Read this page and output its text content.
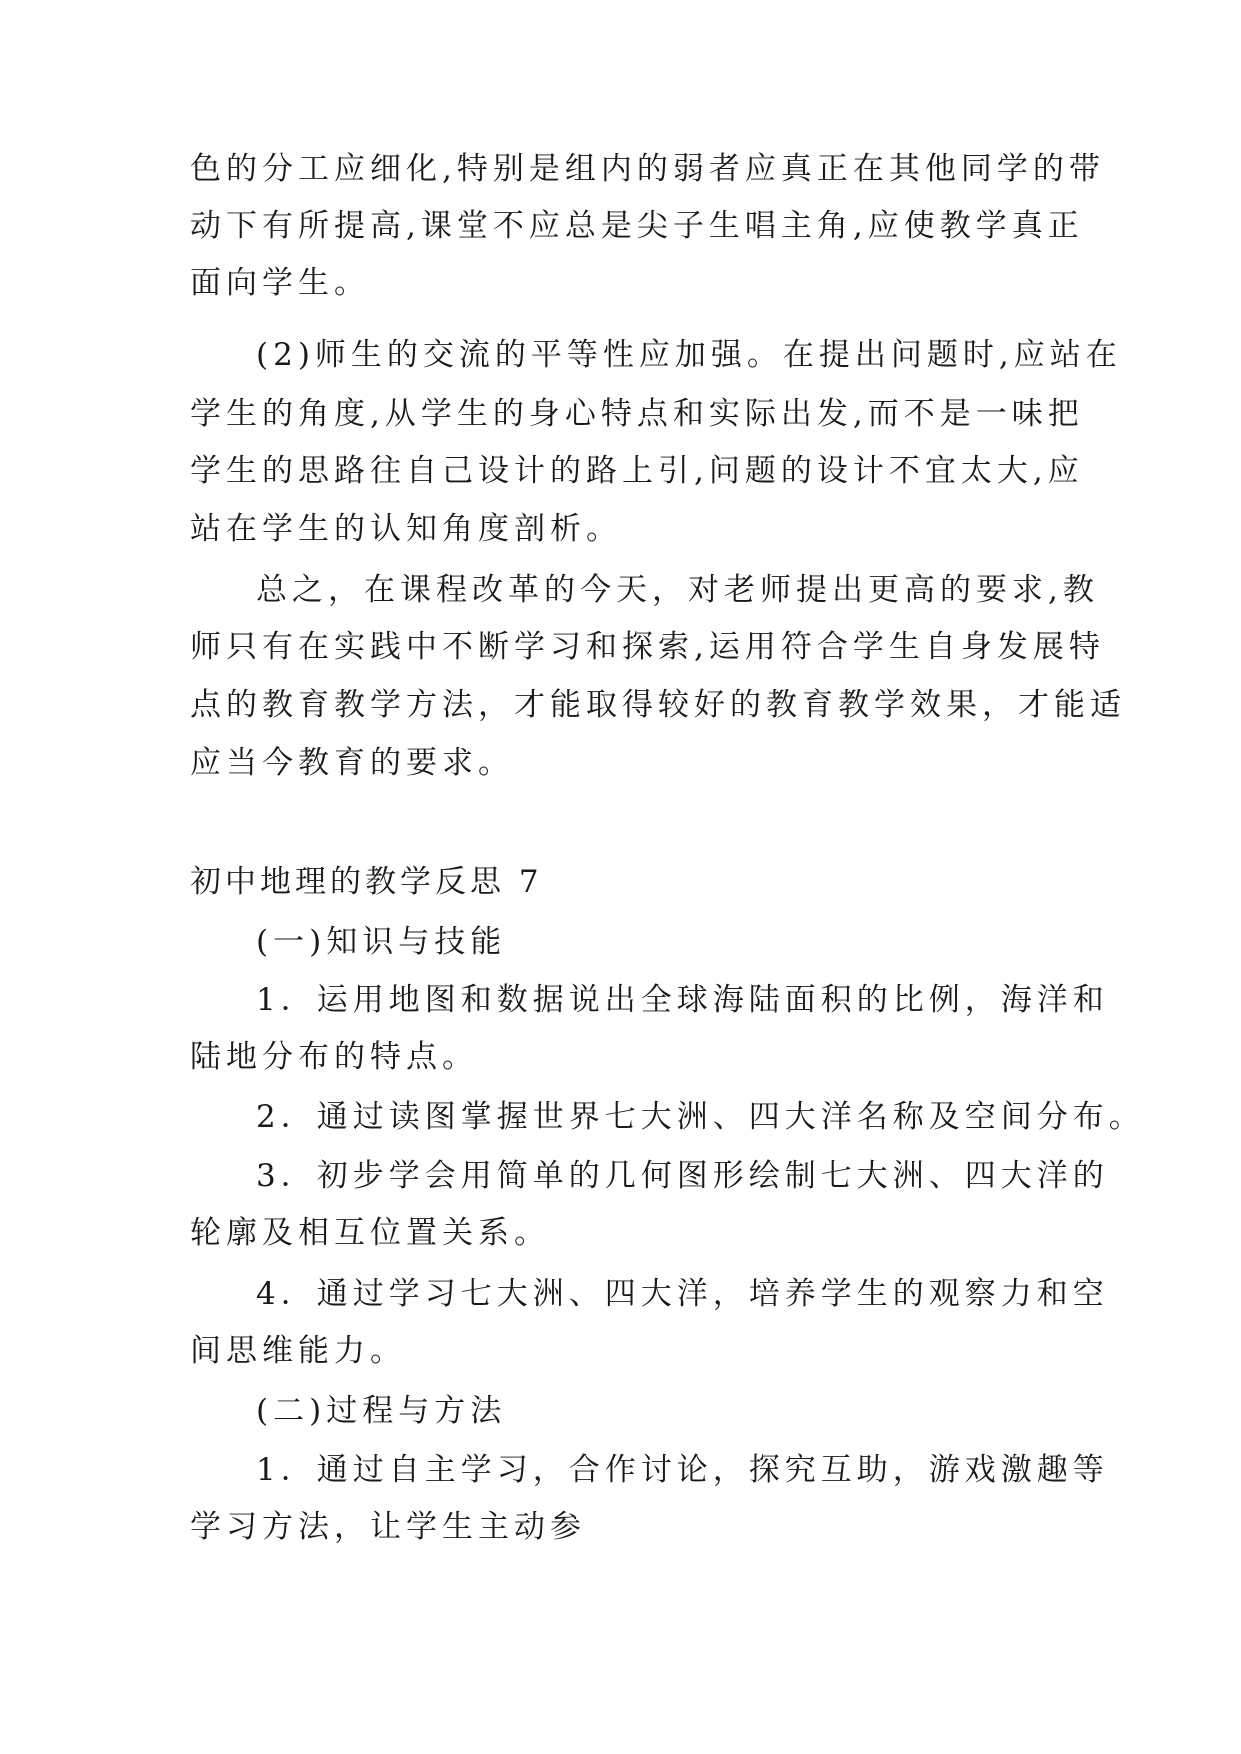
色的分工应细化,特别是组内的弱者应真正在其他同学的带
动下有所提高,课堂不应总是尖子生唱主角,应使教学真正
面向学生。
(2)师生的交流的平等性应加强。在提出问题时,应站在
学生的角度,从学生的身心特点和实际出发,而不是一味把
学生的思路往自己设计的路上引,问题的设计不宜太大,应
站在学生的认知角度剖析。
总之，在课程改革的今天，对老师提出更高的要求,教
师只有在实践中不断学习和探索,运用符合学生自身发展特
点的教育教学方法，才能取得较好的教育教学效果，才能适
应当今教育的要求。
初中地理的教学反思 7
(一)知识与技能
1．运用地图和数据说出全球海陆面积的比例，海洋和
陆地分布的特点。
2．通过读图掌握世界七大洲、四大洋名称及空间分布。
3．初步学会用简单的几何图形绘制七大洲、四大洋的
轮廓及相互位置关系。
4．通过学习七大洲、四大洋，培养学生的观察力和空
间思维能力。
(二)过程与方法
1．通过自主学习，合作讨论，探究互助，游戏激趣等
学习方法，让学生主动参
